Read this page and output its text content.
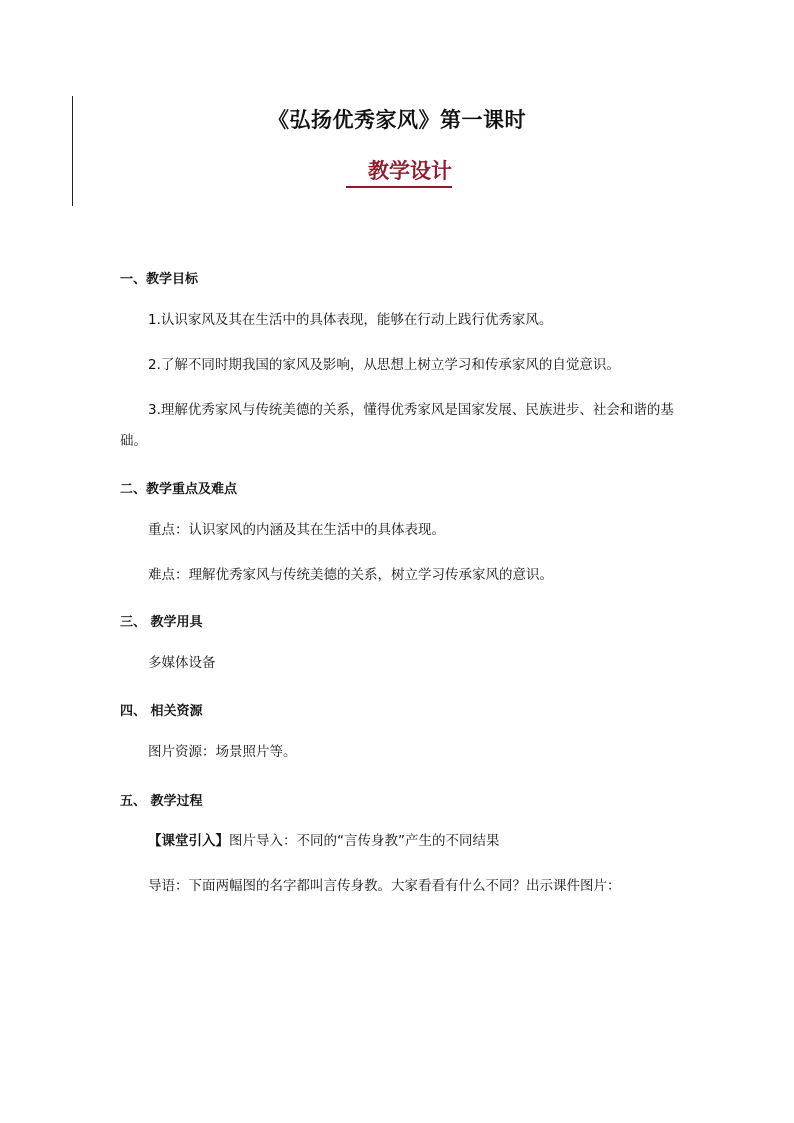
《弘扬优秀家风》第一课时
教学设计
一、教学目标
1.认识家风及其在生活中的具体表现，能够在行动上践行优秀家风。
2.了解不同时期我国的家风及影响，从思想上树立学习和传承家风的自觉意识。
3.理解优秀家风与传统美德的关系，懂得优秀家风是国家发展、民族进步、社会和谐的基础。
二、教学重点及难点
重点：认识家风的内涵及其在生活中的具体表现。
难点：理解优秀家风与传统美德的关系，树立学习传承家风的意识。
三、 教学用具
多媒体设备
四、 相关资源
图片资源：场景照片等。
五、 教学过程
【课堂引入】图片导入：不同的“言传身教”产生的不同结果
导语：下面两幅图的名字都叫言传身教。大家看看有什么不同？出示课件图片：
